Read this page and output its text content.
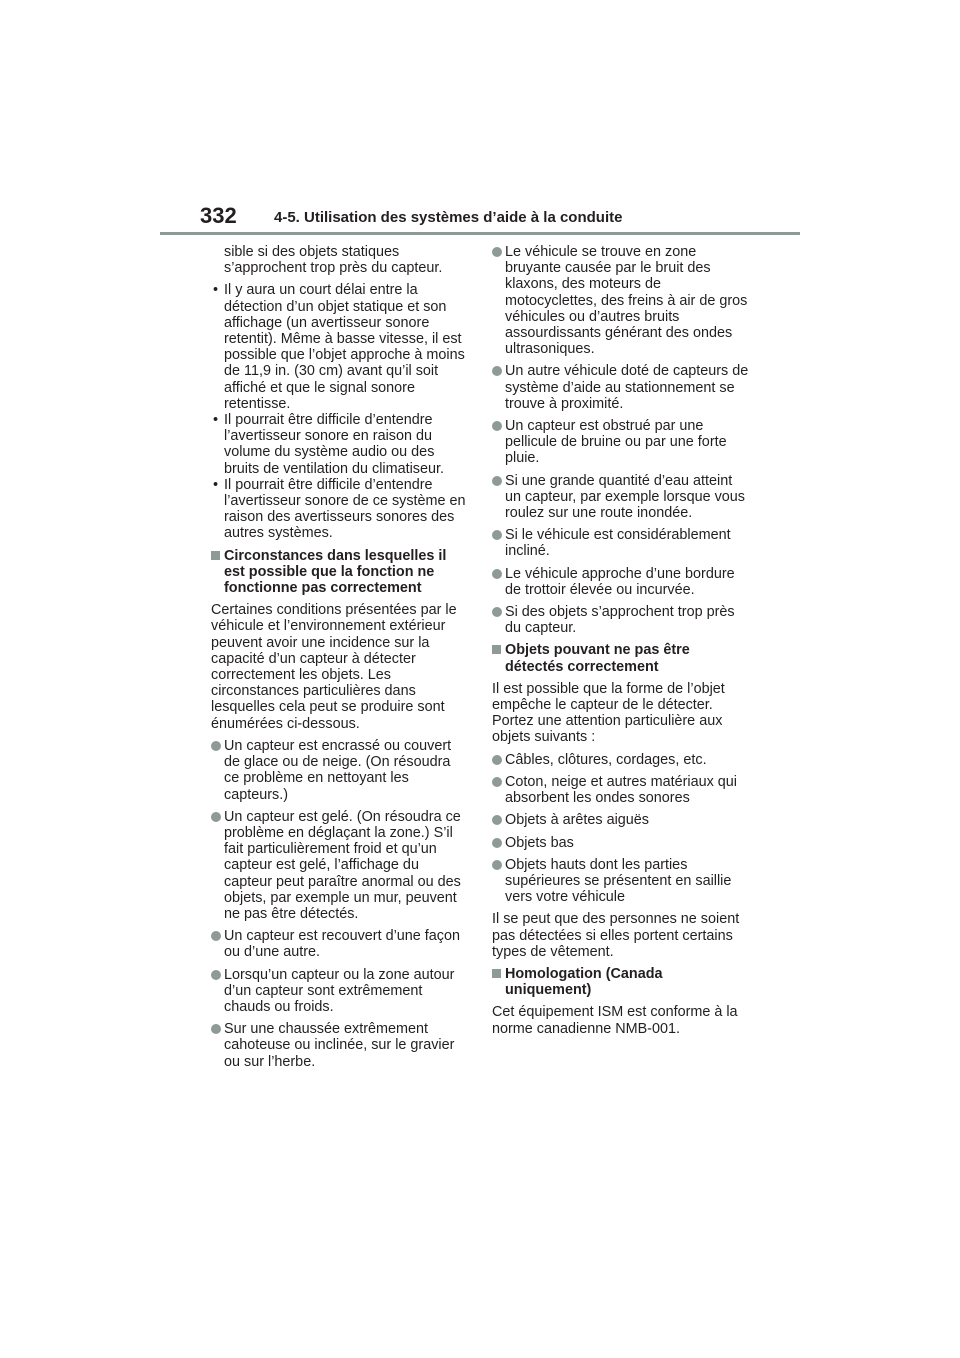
332 4-5. Utilisation des systèmes d’aide à la conduite

sible si des objets statiques s’approchent trop près du capteur.

• Il y aura un court délai entre la détection d’un objet statique et son affichage (un avertisseur sonore retentit). Même à basse vitesse, il est possible que l’objet approche à moins de 11,9 in. (30 cm) avant qu’il soit affiché et que le signal sonore retentisse.
• Il pourrait être difficile d’entendre l’avertisseur sonore en raison du volume du système audio ou des bruits de ventilation du climatiseur.
• Il pourrait être difficile d’entendre l’avertisseur sonore de ce système en raison des avertisseurs sonores des autres systèmes.
Circonstances dans lesquelles il est possible que la fonction ne fonctionne pas correctement

Certaines conditions présentées par le véhicule et l’environnement extérieur peuvent avoir une incidence sur la capacité d’un capteur à détecter correctement les objets. Les circonstances particulières dans lesquelles cela peut se produire sont énumérées ci-dessous.

Un capteur est encrassé ou couvert de glace ou de neige. (On résoudra ce problème en nettoyant les capteurs.)
Un capteur est gelé. (On résoudra ce problème en déglaçant la zone.) S’il fait particulièrement froid et qu’un capteur est gelé, l’affichage du capteur peut paraître anormal ou des objets, par exemple un mur, peuvent ne pas être détectés.
Un capteur est recouvert d’une façon ou d’une autre.
Lorsqu’un capteur ou la zone autour d’un capteur sont extrêmement chauds ou froids.
Sur une chaussée extrêmement cahoteuse ou inclinée, sur le gravier ou sur l’herbe.
Le véhicule se trouve en zone bruyante causée par le bruit des klaxons, des moteurs de motocyclettes, des freins à air de gros véhicules ou d’autres bruits assourdissants générant des ondes ultrasoniques.
Un autre véhicule doté de capteurs de système d’aide au stationnement se trouve à proximité.
Un capteur est obstrué par une pellicule de bruine ou par une forte pluie.
Si une grande quantité d’eau atteint un capteur, par exemple lorsque vous roulez sur une route inondée.
Si le véhicule est considérablement incliné.
Le véhicule approche d’une bordure de trottoir élevée ou incurvée.
Si des objets s’approchent trop près du capteur.
Objets pouvant ne pas être détectés correctement

Il est possible que la forme de l’objet empêche le capteur de le détecter. Portez une attention particulière aux objets suivants :

Câbles, clôtures, cordages, etc.
Coton, neige et autres matériaux qui absorbent les ondes sonores
Objets à arêtes aiguës
Objets bas
Objets hauts dont les parties supérieures se présentent en saillie vers votre véhicule

Il se peut que des personnes ne soient pas détectées si elles portent certains types de vêtement.

Homologation (Canada uniquement)

Cet équipement ISM est conforme à la norme canadienne NMB-001.
